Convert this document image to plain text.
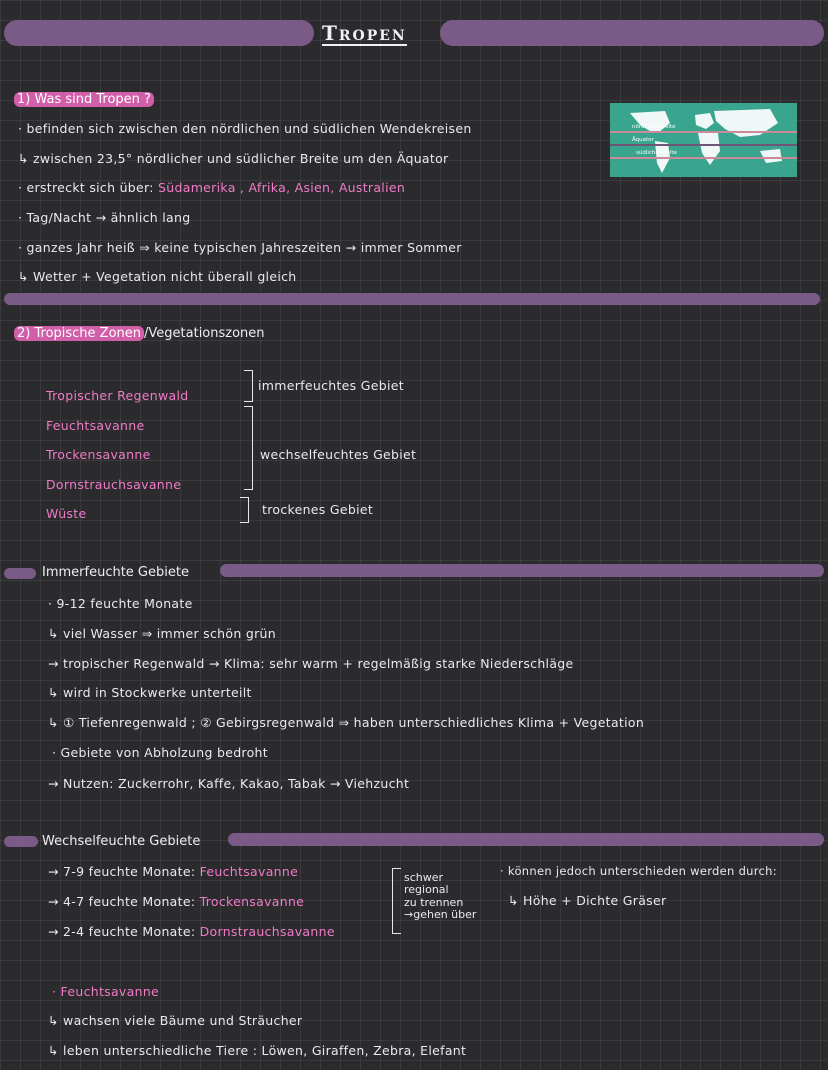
Tropen
1) Was sind Tropen ?
· befinden sich zwischen den nördlichen und südlichen Wendekreisen
↳ zwischen 23,5° nördlicher und südlicher Breite um den Äquator
· erstreckt sich über: Südamerika , Afrika, Asien, Australien
· Tag/Nacht → ähnlich lang
· ganzes Jahr heiß ⇒ keine typischen Jahreszeiten → immer Sommer
↳ Wetter + Vegetation nicht überall gleich
nördliche Breite
Äquator
südliche Breite
2) Tropische Zonen /Vegetationszonen
Tropischer Regenwald
Feuchtsavanne
Trockensavanne
Dornstrauchsavanne
Wüste
immerfeuchtes Gebiet
wechselfeuchtes Gebiet
trockenes Gebiet
Immerfeuchte Gebiete
· 9-12 feuchte Monate
↳ viel Wasser ⇒ immer schön grün
→ tropischer Regenwald → Klima: sehr warm + regelmäßig starke Niederschläge
↳ wird in Stockwerke unterteilt
↳ ① Tiefenregenwald ; ② Gebirgsregenwald ⇒ haben unterschiedliches Klima + Vegetation
· Gebiete von Abholzung bedroht
→ Nutzen: Zuckerrohr, Kaffe, Kakao, Tabak → Viehzucht
Wechselfeuchte Gebiete
→ 7-9 feuchte Monate: Feuchtsavanne
→ 4-7 feuchte Monate: Trockensavanne
→ 2-4 feuchte Monate: Dornstrauchsavanne
schwer
regional
zu trennen
→gehen über
· können jedoch unterschieden werden durch:
↳ Höhe + Dichte Gräser
· Feuchtsavanne
↳ wachsen viele Bäume und Sträucher
↳ leben unterschiedliche Tiere : Löwen, Giraffen, Zebra, Elefant
